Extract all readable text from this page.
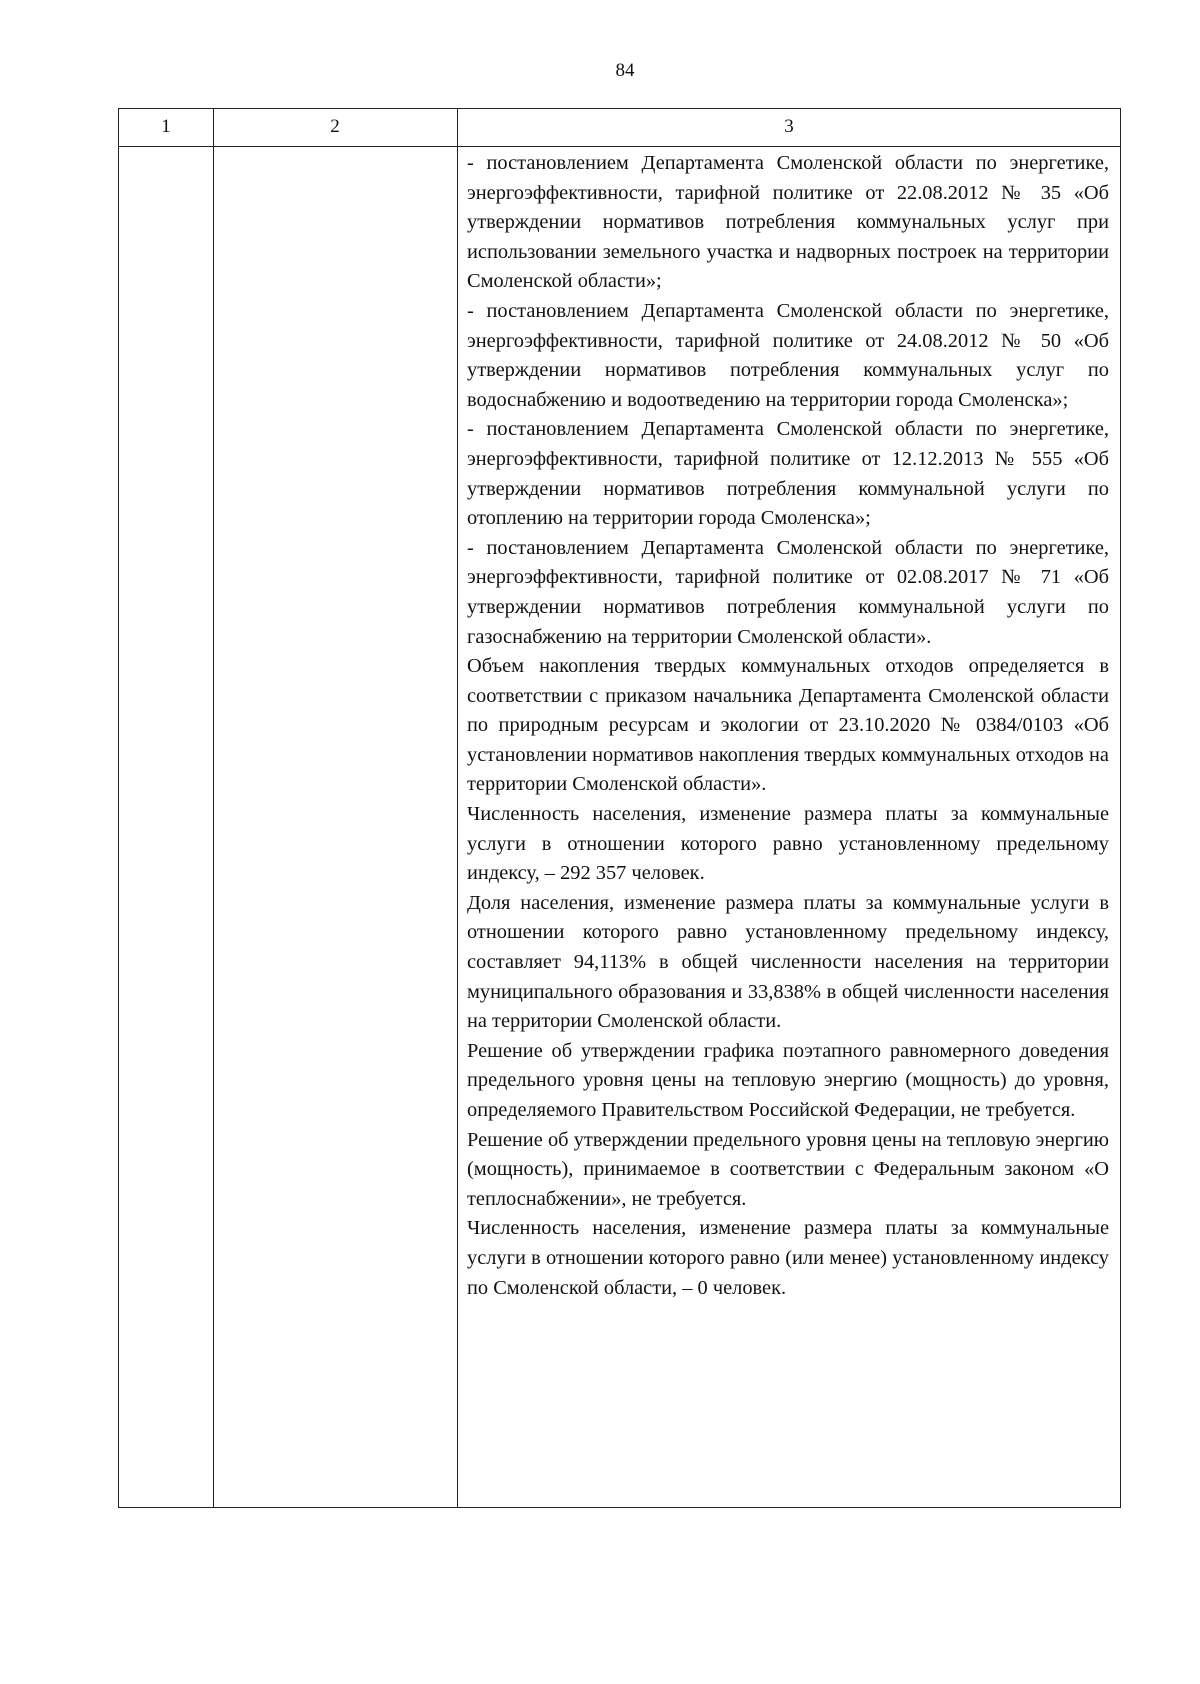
84
1	2	3

- постановлением Департамента Смоленской области по энергетике, энергоэффективности, тарифной политике от 22.08.2012 № 35 «Об утверждении нормативов потребления коммунальных услуг при использовании земельного участка и надворных построек на территории Смоленской области»;

- постановлением Департамента Смоленской области по энергетике, энергоэффективности, тарифной политике от 24.08.2012 № 50 «Об утверждении нормативов потребления коммунальных услуг по водоснабжению и водоотведению на территории города Смоленска»;

- постановлением Департамента Смоленской области по энергетике, энергоэффективности, тарифной политике от 12.12.2013 № 555 «Об утверждении нормативов потребления коммунальной услуги по отоплению на территории города Смоленска»;

- постановлением Департамента Смоленской области по энергетике, энергоэффективности, тарифной политике от 02.08.2017 № 71 «Об утверждении нормативов потребления коммунальной услуги по газоснабжению на территории Смоленской области».

Объем накопления твердых коммунальных отходов определяется в соответствии с приказом начальника Департамента Смоленской области по природным ресурсам и экологии от 23.10.2020 № 0384/0103 «Об установлении нормативов накопления твердых коммунальных отходов на территории Смоленской области».

Численность населения, изменение размера платы за коммунальные услуги в отношении которого равно установленному предельному индексу, – 292 357 человек.

Доля населения, изменение размера платы за коммунальные услуги в отношении которого равно установленному предельному индексу, составляет 94,113% в общей численности населения на территории муниципального образования и 33,838% в общей численности населения на территории Смоленской области.

Решение об утверждении графика поэтапного равномерного доведения предельного уровня цены на тепловую энергию (мощность) до уровня, определяемого Правительством Российской Федерации, не требуется.

Решение об утверждении предельного уровня цены на тепловую энергию (мощность), принимаемое в соответствии с Федеральным законом «О теплоснабжении», не требуется.

Численность населения, изменение размера платы за коммунальные услуги в отношении которого равно (или менее) установленному индексу по Смоленской области, – 0 человек.
